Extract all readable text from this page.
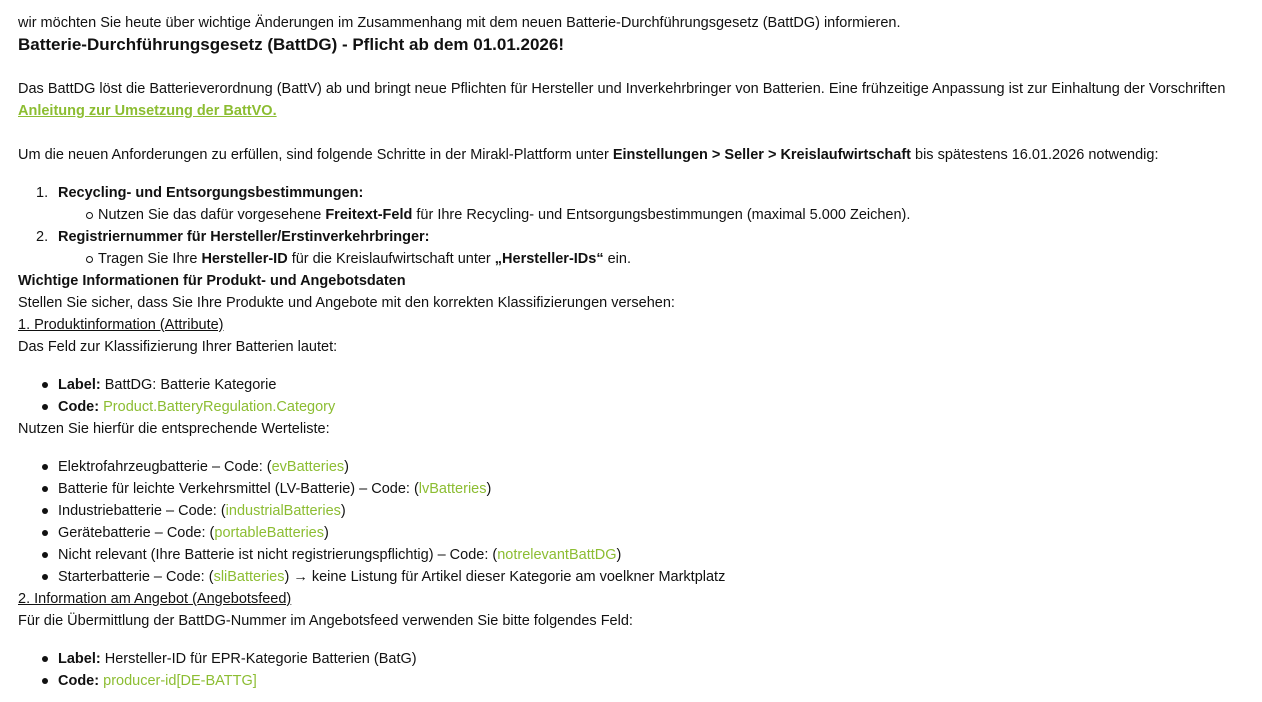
wir möchten Sie heute über wichtige Änderungen im Zusammenhang mit dem neuen Batterie-Durchführungsgesetz (BattDG) informieren.
Batterie-Durchführungsgesetz (BattDG) - Pflicht ab dem 01.01.2026!
Das BattDG löst die Batterieverordnung (BattV) ab und bringt neue Pflichten für Hersteller und Inverkehrbringer von Batterien. Eine frühzeitige Anpassung ist zur Einhaltung der Vorschriften
Anleitung zur Umsetzung der BattVO.
Um die neuen Anforderungen zu erfüllen, sind folgende Schritte in der Mirakl-Plattform unter Einstellungen > Seller > Kreislaufwirtschaft bis spätestens 16.01.2026 notwendig:
1. Recycling- und Entsorgungsbestimmungen:
Nutzen Sie das dafür vorgesehene Freitext-Feld für Ihre Recycling- und Entsorgungsbestimmungen (maximal 5.000 Zeichen).
2. Registriernummer für Hersteller/Erstinverkehrbringer:
Tragen Sie Ihre Hersteller-ID für die Kreislaufwirtschaft unter „Hersteller-IDs“ ein.
Wichtige Informationen für Produkt- und Angebotsdaten
Stellen Sie sicher, dass Sie Ihre Produkte und Angebote mit den korrekten Klassifizierungen versehen:
1. Produktinformation (Attribute)
Das Feld zur Klassifizierung Ihrer Batterien lautet:
Label: BattDG: Batterie Kategorie
Code: Product.BatteryRegulation.Category
Nutzen Sie hierfür die entsprechende Werteliste:
Elektrofahrzeugbatterie – Code: (evBatteries)
Batterie für leichte Verkehrsmittel (LV-Batterie) – Code: (lvBatteries)
Industriebatterie – Code: (industrialBatteries)
Gerätebatterie – Code: (portableBatteries)
Nicht relevant (Ihre Batterie ist nicht registrierungspflichtig) – Code: (notrelevantBattDG)
Starterbatterie – Code: (sliBatteries) → keine Listung für Artikel dieser Kategorie am voelkner Marktplatz
2. Information am Angebot (Angebotsfeed)
Für die Übermittlung der BattDG-Nummer im Angebotsfeed verwenden Sie bitte folgendes Feld:
Label: Hersteller-ID für EPR-Kategorie Batterien (BatG)
Code: producer-id[DE-BATTG]
